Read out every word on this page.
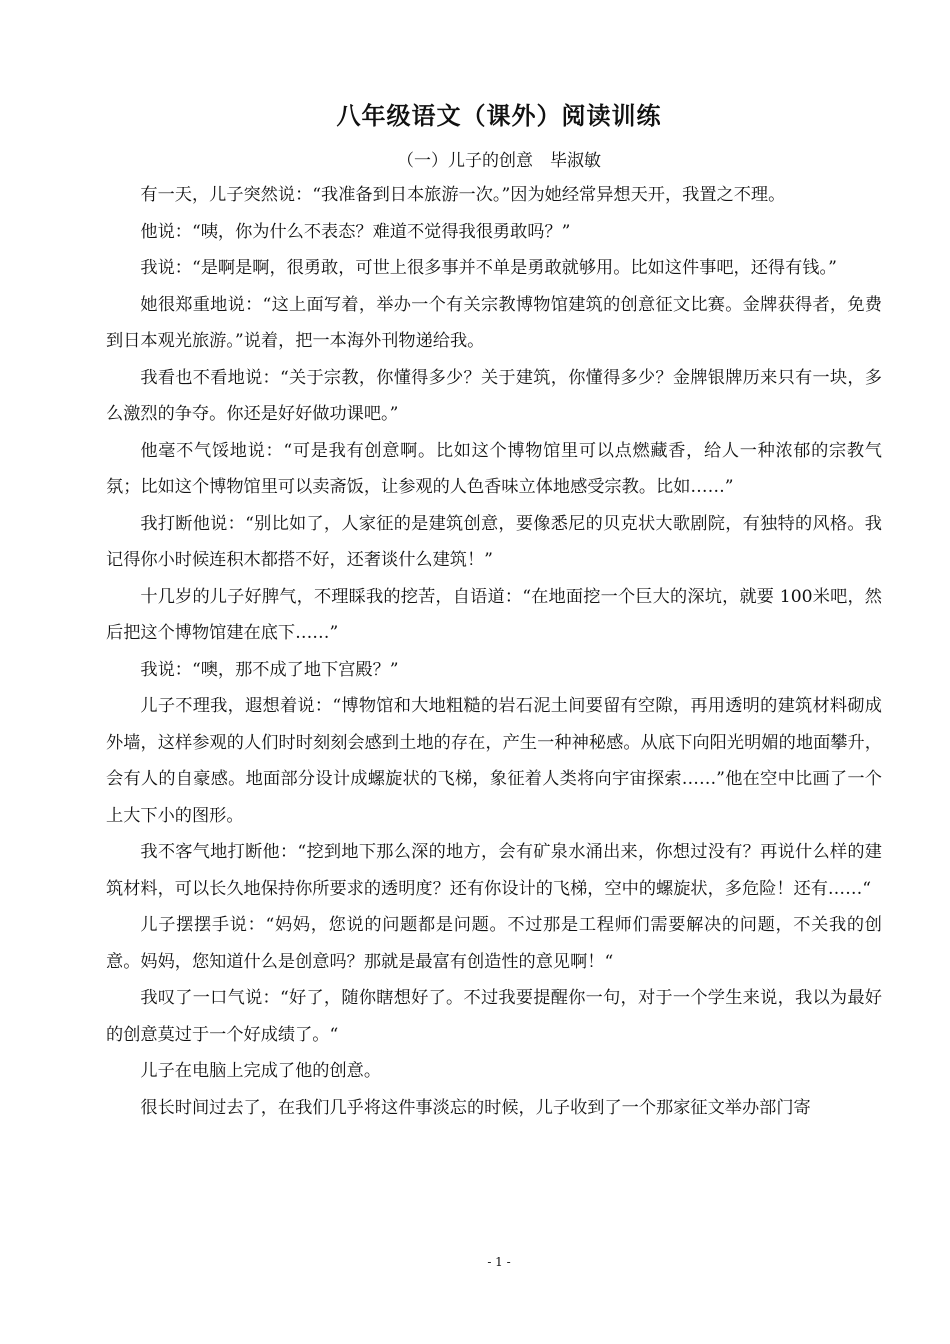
八年级语文（课外）阅读训练
（一）儿子的创意　毕淑敏

有一天，儿子突然说：“我准备到日本旅游一次。”因为她经常异想天开，我置之不理。

他说：“咦，你为什么不表态？难道不觉得我很勇敢吗？”

我说：“是啊是啊，很勇敢，可世上很多事并不单是勇敢就够用。比如这件事吧，还得有钱。”

她很郑重地说：“这上面写着，举办一个有关宗教博物馆建筑的创意征文比赛。金牌获得者，免费到日本观光旅游。”说着，把一本海外刊物递给我。

我看也不看地说：“关于宗教，你懂得多少？关于建筑，你懂得多少？金牌银牌历来只有一块，多么激烈的争夺。你还是好好做功课吧。”

他毫不气馁地说：“可是我有创意啊。比如这个博物馆里可以点燃藏香，给人一种浓郁的宗教气氛；比如这个博物馆里可以卖斋饭，让参观的人色香味立体地感受宗教。比如……”

我打断他说：“别比如了，人家征的是建筑创意，要像悉尼的贝克状大歌剧院，有独特的风格。我记得你小时候连积木都搭不好，还奢谈什么建筑！”

十几岁的儿子好脾气，不理睬我的挖苦，自语道：“在地面挖一个巨大的深坑，就要 100米吧，然后把这个博物馆建在底下……”

我说：“噢，那不成了地下宫殿？”

儿子不理我，遐想着说：“博物馆和大地粗糙的岩石泥土间要留有空隙，再用透明的建筑材料砌成外墙，这样参观的人们时时刻刻会感到土地的存在，产生一种神秘感。从底下向阳光明媚的地面攀升，会有人的自豪感。地面部分设计成螺旋状的飞梯，象征着人类将向宇宙探索……”他在空中比画了一个上大下小的图形。

我不客气地打断他：“挖到地下那么深的地方，会有矿泉水涌出来，你想过没有？再说什么样的建筑材料，可以长久地保持你所要求的透明度？还有你设计的飞梯，空中的螺旋状，多危险！还有……“

儿子摆摆手说：“妈妈，您说的问题都是问题。不过那是工程师们需要解决的问题，不关我的创意。妈妈，您知道什么是创意吗？那就是最富有创造性的意见啊！“

我叹了一口气说：“好了，随你瞎想好了。不过我要提醒你一句，对于一个学生来说，我以为最好的创意莫过于一个好成绩了。“

儿子在电脑上完成了他的创意。

很长时间过去了，在我们几乎将这件事淡忘的时候，儿子收到了一个那家征文举办部门寄

- 1 -
